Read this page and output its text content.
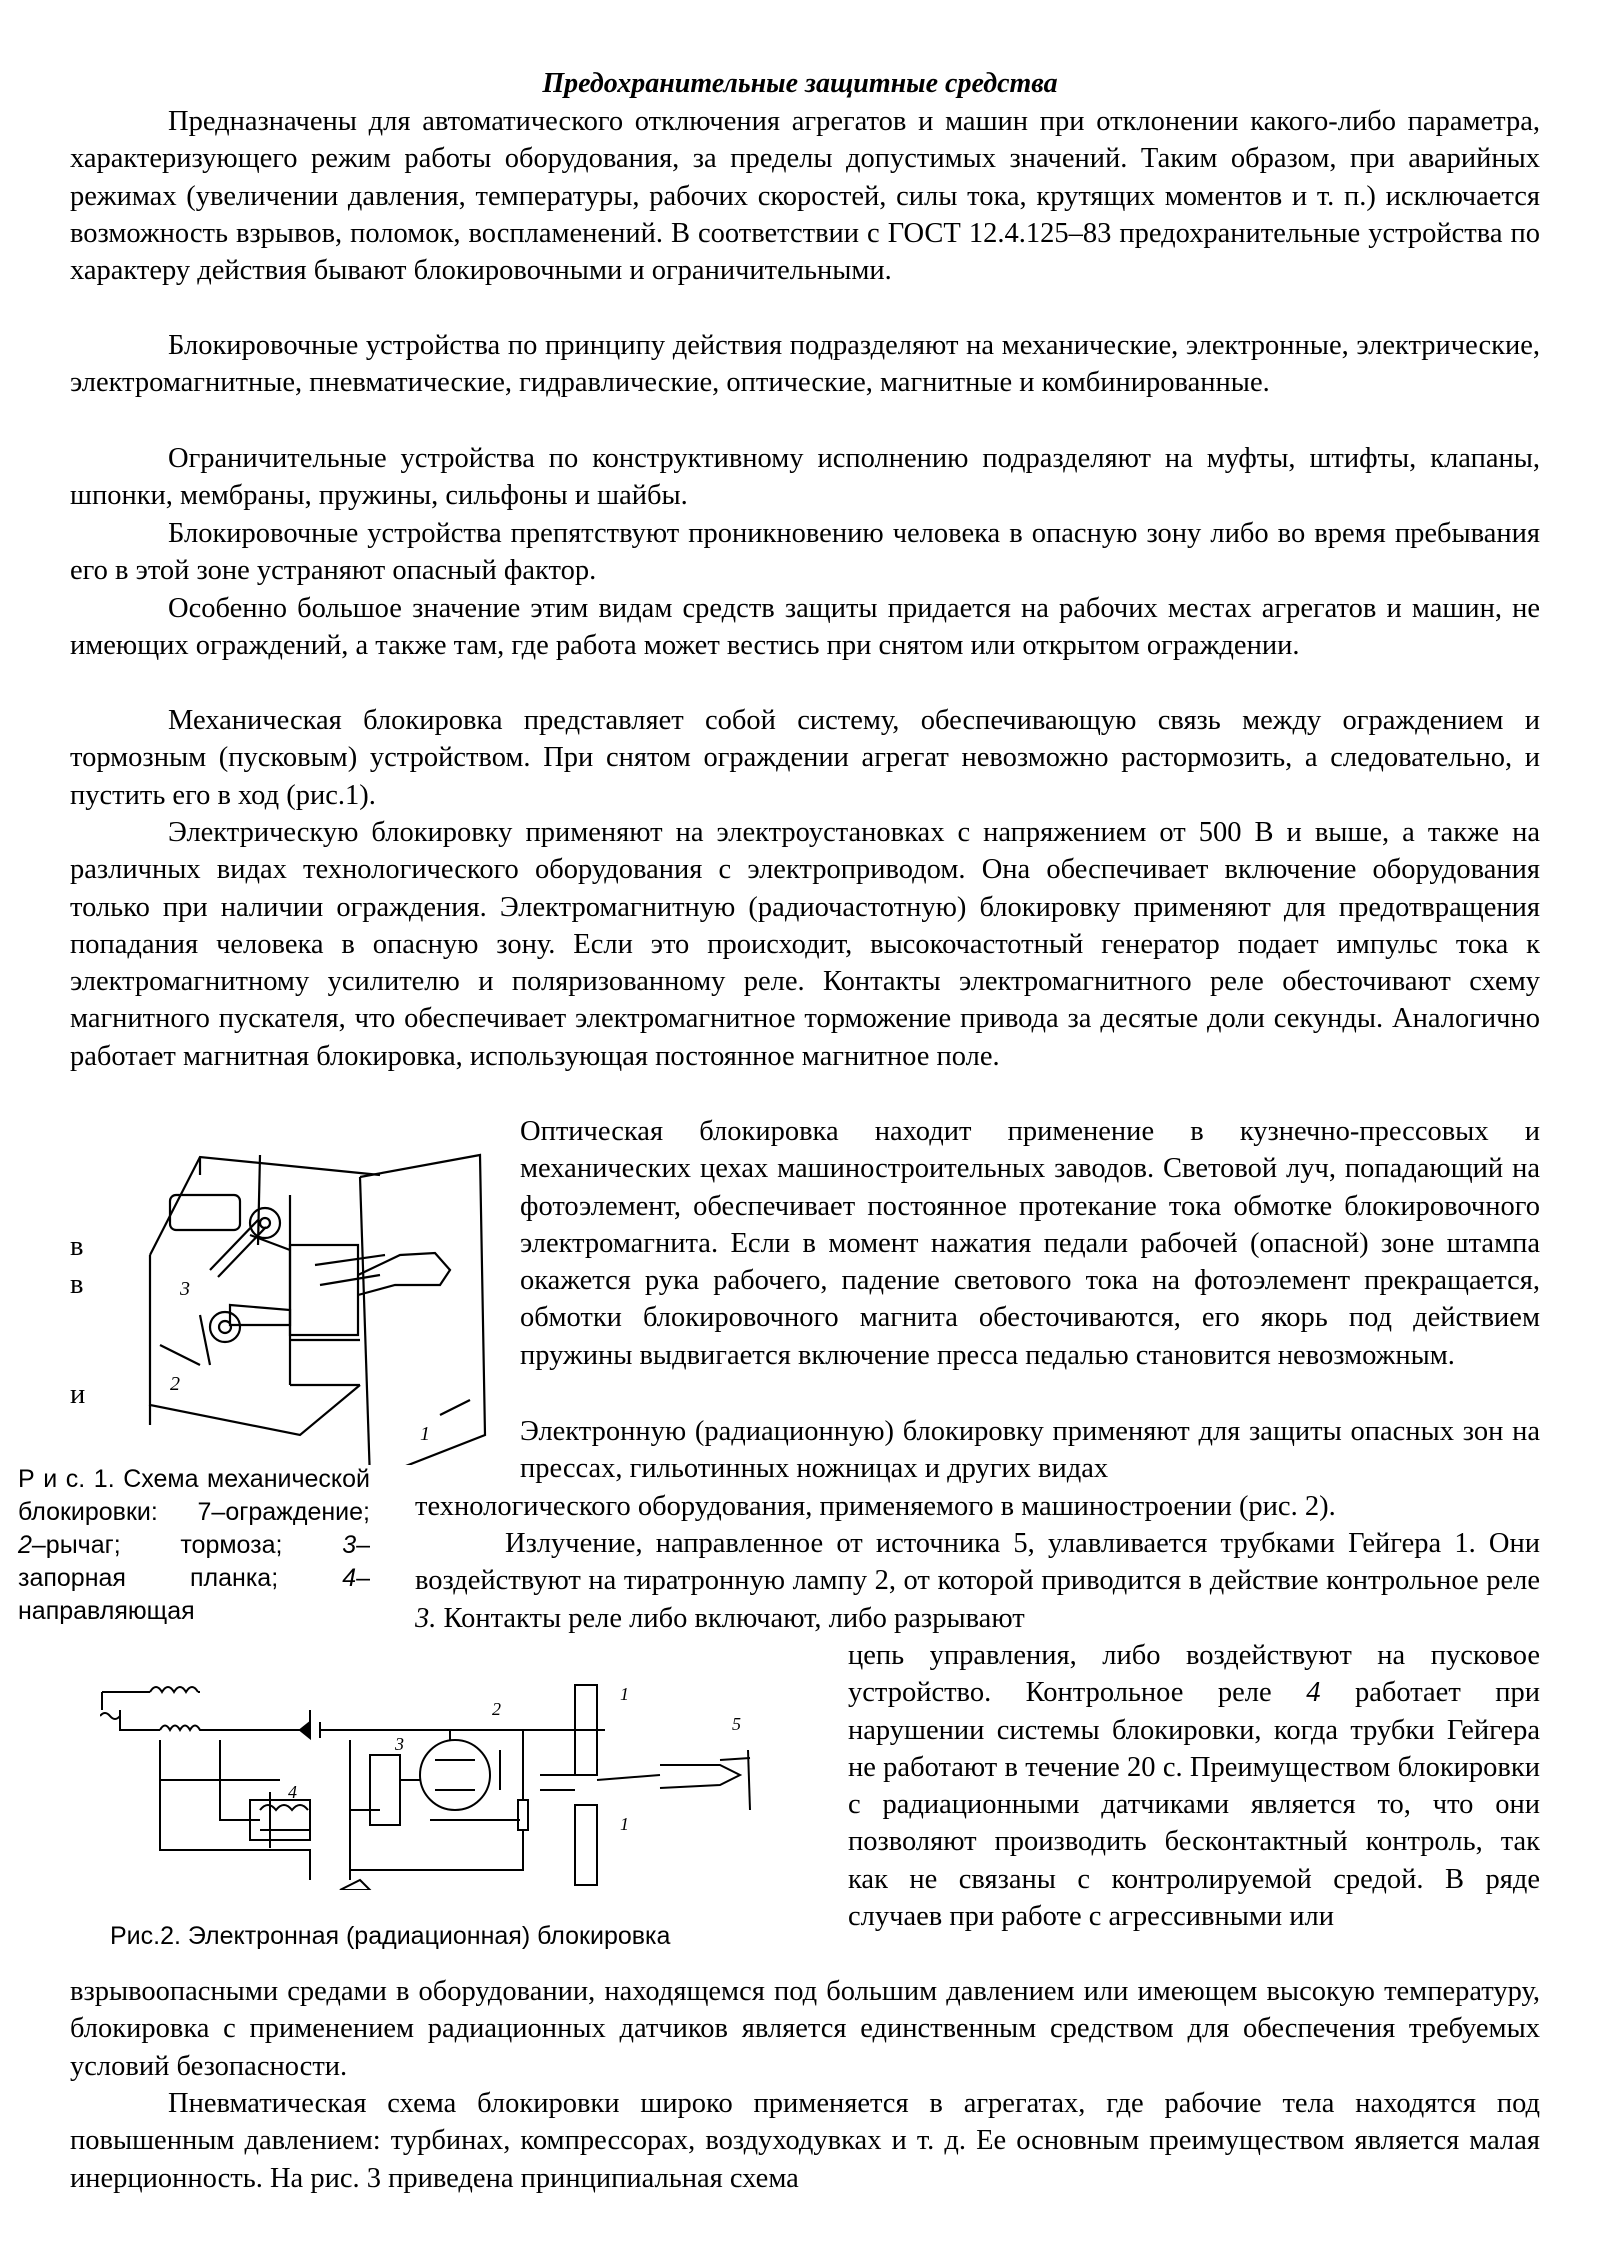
Предохранительные защитные средства

Предназначены для автоматического отключения агрегатов и машин при отклонении какого-либо параметра, характеризующего режим работы оборудования, за пределы допустимых значений. Таким образом, при аварийных режимах (увеличении давления, температуры, рабочих скоростей, силы тока, крутящих моментов и т. п.) исключается возможность взрывов, поломок, воспламенений. В соответствии с ГОСТ 12.4.125–83 предохранительные устройства по характеру действия бывают блокировочными и ограничительными.

Блокировочные устройства по принципу действия подразделяют на механические, электронные, электрические, электромагнитные, пневматические, гидравлические, оптические, магнитные и комбинированные.

Ограничительные устройства по конструктивному исполнению подразделяют на муфты, штифты, клапаны, шпонки, мембраны, пружины, сильфоны и шайбы.

Блокировочные устройства препятствуют проникновению человека в опасную зону либо во время пребывания его в этой зоне устраняют опасный фактор.

Особенно большое значение этим видам средств защиты придается на рабочих местах агрегатов и машин, не имеющих ограждений, а также там, где работа может вестись при снятом или открытом ограждении.

Механическая блокировка представляет собой систему, обеспечивающую связь между ограждением и тормозным (пусковым) устройством. При снятом ограждении агрегат невозможно растормозить, а следовательно, и пустить его в ход (рис.1).

Электрическую блокировку применяют на электроустановках с напряжением от 500 В и выше, а также на различных видах технологического оборудования с электроприводом. Она обеспечивает включение оборудования только при наличии ограждения. Электромагнитную (радиочастотную) блокировку применяют для предотвращения попадания человека в опасную зону. Если это происходит, высокочастотный генератор подает импульс тока к электромагнитному усилителю и поляризованному реле. Контакты электромагнитного реле обесточивают схему магнитного пускателя, что обеспечивает электромагнитное торможение привода за десятые доли секунды. Аналогично работает магнитная блокировка, использующая постоянное магнитное поле.

Оптическая блокировка находит применение в кузнечно-прессовых и механических цехах машиностроительных заводов. Световой луч, попадающий на фотоэлемент, обеспечивает постоянное протекание тока обмотке блокировочного электромагнита. Если в момент нажатия педали рабочей (опасной) зоне штампа окажется рука рабочего, падение светового тока на фотоэлемент прекращается, обмотки блокировочного магнита обесточиваются, его якорь под действием пружины выдвигается включение пресса педалью становится невозможным.

в
в
и

Электронную (радиационную) блокировку применяют для защиты опасных зон на прессах, гильотинных ножницах и других видах

технологического оборудования, применяемого в машиностроении (рис. 2).

Излучение, направленное от источника 5, улавливается трубками Гейгера 1. Они воздействуют на тиратронную лампу 2, от которой приводится в действие контрольное реле 3. Контакты реле либо включают, либо разрывают

цепь управления, либо воздействуют на пусковое устройство. Контрольное реле 4 работает при нарушении системы блокировки, когда трубки Гейгера не работают в течение 20 с. Преимуществом блокировки с радиационными датчиками является то, что они позволяют производить бесконтактный контроль, так как не связаны с контролируемой средой. В ряде случаев при работе с агрессивными или

взрывоопасными средами в оборудовании, находящемся под большим давлением или имеющем высокую температуру, блокировка с применением радиационных датчиков является единственным средством для обеспечения требуемых условий безопасности.

Пневматическая схема блокировки широко применяется в агрегатах, где рабочие тела находятся под повышенным давлением: турбинах, компрессорах, воздуходувках и т. д. Ее основным преимуществом является малая инерционность. На рис. 3 приведена принципиальная схема

3
2
1
Р и с. 1. Схема механической блокировки: 7–ограждение; 2–рычаг; тормоза; 3–запорная планка;	4–направляющая
1
2
3
4
5
1
Рис.2. Электронная (радиационная) блокировка
